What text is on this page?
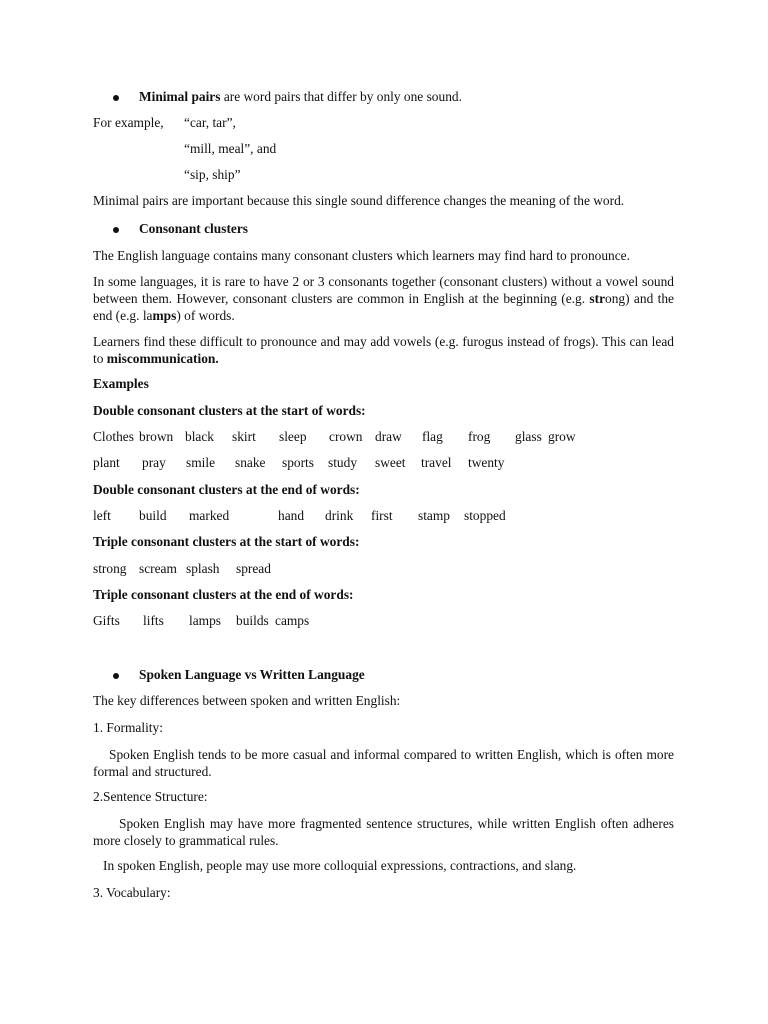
Minimal pairs are word pairs that differ by only one sound.
For example, “car, tar”,
“mill, meal”, and
“sip, ship”
Minimal pairs are important because this single sound difference changes the meaning of the word.
Consonant clusters
The English language contains many consonant clusters which learners may find hard to pronounce.
In some languages, it is rare to have 2 or 3 consonants together (consonant clusters) without a vowel sound between them. However, consonant clusters are common in English at the beginning (e.g. strong) and the end (e.g. lamps) of words.
Learners find these difficult to pronounce and may add vowels (e.g. furogus instead of frogs). This can lead to miscommunication.
Examples
Double consonant clusters at the start of words:
Clothes brown black skirt sleep crown draw flag frog glass grow
plant pray smile snake sports study sweet travel twenty
Double consonant clusters at the end of words:
left build marked	hand drink first stamp stopped
Triple consonant clusters at the start of words:
strong scream splash spread
Triple consonant clusters at the end of words:
Gifts lifts lamps builds camps
Spoken Language vs Written Language
The key differences between spoken and written English:
1. Formality:
Spoken English tends to be more casual and informal compared to written English, which is often more formal and structured.
2.Sentence Structure:
Spoken English may have more fragmented sentence structures, while written English often adheres more closely to grammatical rules.
In spoken English, people may use more colloquial expressions, contractions, and slang.
3. Vocabulary:
